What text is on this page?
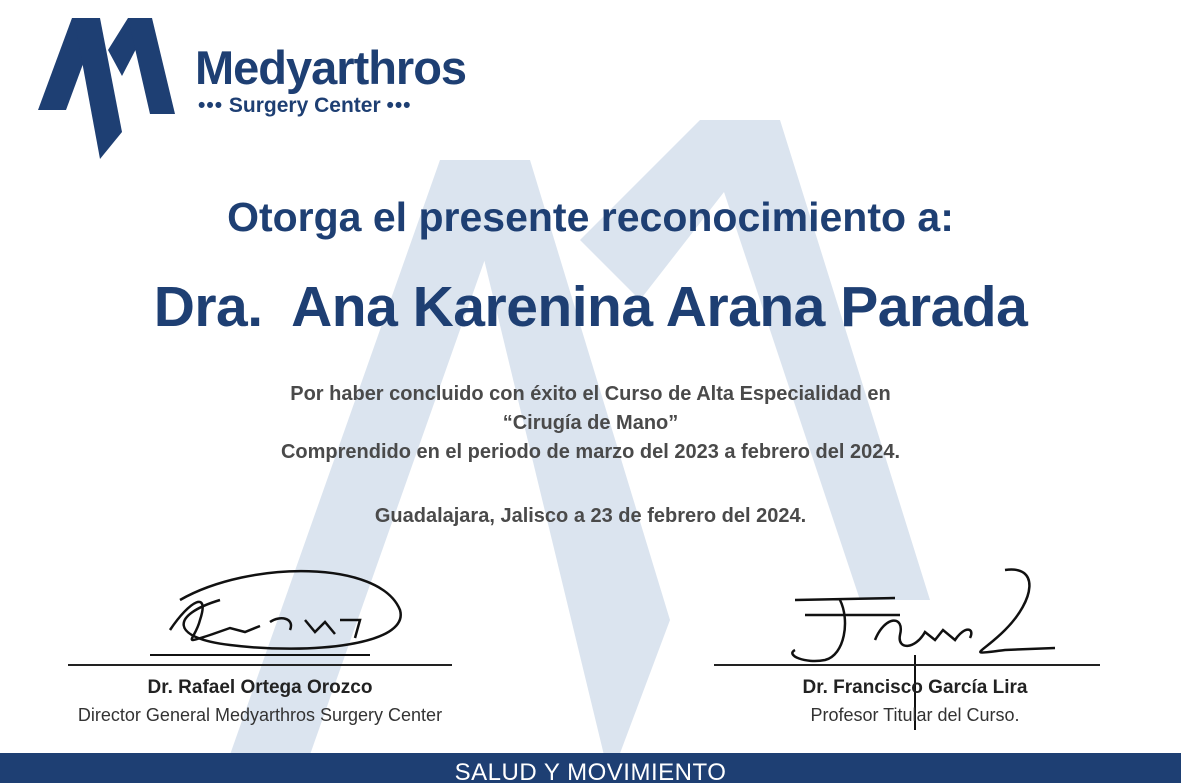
Medyarthros
••• Surgery Center •••
Otorga el presente reconocimiento a:
Dra.  Ana Karenina Arana Parada
Por haber concluido con éxito el Curso de Alta Especialidad en
“Cirugía de Mano”
Comprendido en el periodo de marzo del 2023 a febrero del 2024.
Guadalajara, Jalisco a 23 de febrero del 2024.
Dr. Rafael Ortega Orozco
Director General Medyarthros Surgery Center
Dr. Francisco García Lira
Profesor Titular del Curso.
SALUD Y MOVIMIENTO
